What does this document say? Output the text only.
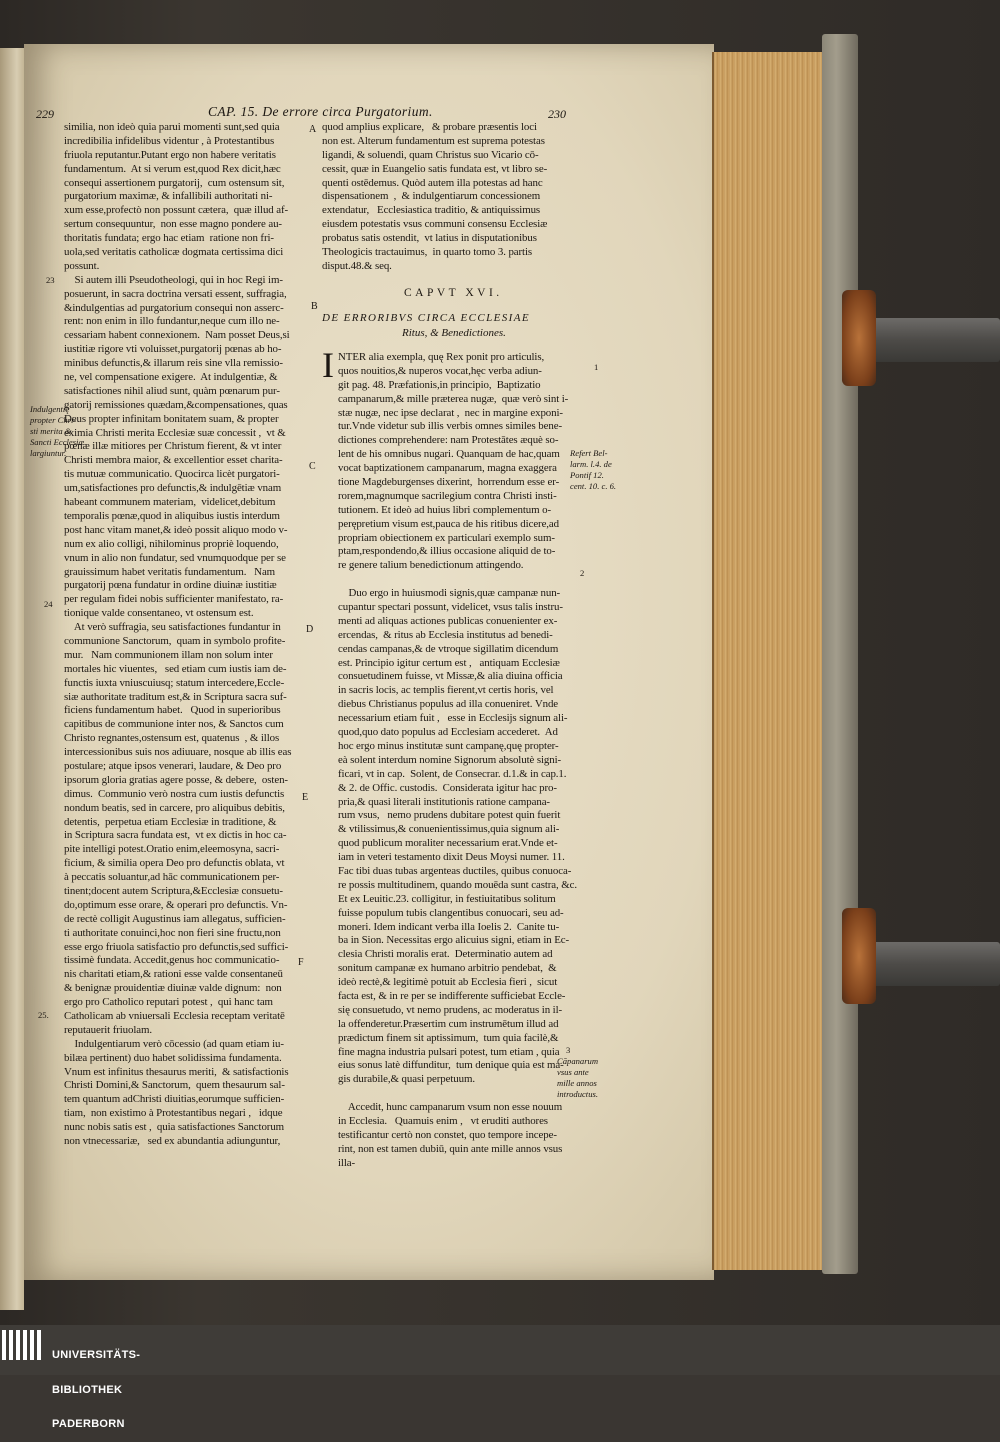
229	CAP. 15. De errore circa Purgatorium.	230
similia, non ideò quia parui momenti sunt,sed quia
incredibilia infidelibus videntur , à Protestantibus
friuola reputantur.Putant ergo non habere veritatis
fundamentum.  At si verum est,quod Rex dicit,hæc
consequi assertionem purgatorij,  cum ostensum sit,
purgatorium maximæ, & infallibili authoritati ni-
xum esse,profectò non possunt cætera,  quæ illud af-
sertum consequuntur,  non esse magno pondere au-
thoritatis fundata; ergo hac etiam  ratione non fri-
uola,sed veritatis catholicæ dogmata certissima dici
possunt.
Si autem illi Pseudotheologi, qui in hoc Regi im-
posuerunt, in sacra doctrina versati essent, suffragia,
&indulgentias ad purgatorium consequi non asserc-
rent: non enim in illo fundantur,neque cum illo ne-
cessariam habent connexionem.  Nam posset Deus,si
iustitiæ rigore vti voluisset,purgatorij pœnas ab ho-
minibus defunctis,& illarum reis sine vlla remissio-
ne, vel compensatione exigere.  At indulgentiæ, &
satisfactiones nihil aliud sunt, quàm pœnarum pur-
gatorij remissiones quædam,&compensationes, quas
Deus propter infinitam bonitatem suam, & propter
eximia Christi merita Ecclesiæ suæ concessit ,  vt &
pœnæ illæ mitiores per Christum fierent, & vt inter
Christi membra maior, & excellentior esset charita-
tis mutuæ communicatio. Quocirca licèt purgatori-
um,satisfactiones pro defunctis,& indulgētiæ vnam
habeant communem materiam,  videlicet,debitum
temporalis pœnæ,quod in aliquibus iustis interdum
post hanc vitam manet,& ideò possit aliquo modo v-
num ex alio colligi, nihilominus propriè loquendo,
vnum in alio non fundatur, sed vnumquodque per se
grauissimum habet veritatis fundamentum.   Nam
purgatorij pœna fundatur in ordine diuinæ iustitiæ
per regulam fidei nobis sufficienter manifestato, ra-
tionique valde consentaneo, vt ostensum est.
At verò suffragia, seu satisfactiones fundantur in
communione Sanctorum,  quam in symbolo profite-
mur.   Nam communionem illam non solum inter
mortales hic viuentes,   sed etiam cum iustis iam de-
functis iuxta vniuscuiusq; statum intercedere,Eccle-
siæ authoritate traditum est,& in Scriptura sacra suf-
ficiens fundamentum habet.   Quod in superioribus
capitibus de communione inter nos, & Sanctos cum
Christo regnantes,ostensum est, quatenus  , & illos
intercessionibus suis nos adiuuare, nosque ab illis eas
postulare; atque ipsos venerari, laudare, & Deo pro
ipsorum gloria gratias agere posse, & debere,  osten-
dimus.  Communio verò nostra cum iustis defunctis
nondum beatis, sed in carcere, pro aliquibus debitis,
detentis,  perpetua etiam Ecclesiæ in traditione, &
in Scriptura sacra fundata est,  vt ex dictis in hoc ca-
pite intelligi potest.Oratio enim,eleemosyna, sacri-
ficium, & similia opera Deo pro defunctis oblata, vt
à peccatis soluantur,ad hāc communicationem per-
tinent;docent autem Scriptura,&Ecclesiæ consuetu-
do,optimum esse orare, & operari pro defunctis. Vn-
de rectè colligit Augustinus iam allegatus, sufficien-
ti authoritate conuinci,hoc non fieri sine fructu,non
esse ergo friuola satisfactio pro defunctis,sed suffici-
tissimè fundata. Accedit,genus hoc communicatio-
nis charitati etiam,& rationi esse valde consentaneū
& benignæ prouidentiæ diuinæ valde dignum:  non
ergo pro Catholico reputari potest ,  qui hanc tam
Catholicam ab vniuersali Ecclesia receptam veritatē
reputauerit friuolam.
Indulgentiarum verò cōcessio (ad quam etiam iu-
bilæa pertinent) duo habet solidissima fundamenta.
Vnum est infinitus thesaurus meriti,  & satisfactionis
Christi Domini,& Sanctorum,  quem thesaurum sal-
tem quantum adChristi diuitias,eorumque sufficien-
tiam,  non existimo à Protestantibus negari ,   idque
nunc nobis satis est ,  quia satisfactiones Sanctorum
non vtnecessariæ,   sed ex abundantia adiunguntur,
quod amplius explicare,   & probare præsentis loci
non est. Alterum fundamentum est suprema potestas
ligandi, & soluendi, quam Christus suo Vicario cō-
cessit, quæ in Euangelio satis fundata est, vt libro se-
quenti ostēdemus. Quòd autem illa potestas ad hanc
dispensationem  ,  & indulgentiarum concessionem
extendatur,   Ecclesiastica traditio, & antiquissimus
eiusdem potestatis vsus communi consensu Ecclesiæ
probatus satis ostendit,  vt latius in disputationibus
Theologicis tractauimus,  in quarto tomo 3. partis
disput.48.& seq.
CAPVT XVI.
DE ERRORIBVS CIRCA ECCLESIAE
Ritus, & Benedictiones.
I NTER alia exempla, quę Rex ponit pro articulis,
quos nouitios,& nuperos vocat,hęc verba adiun-
git pag. 48. Præfationis,in principio,  Baptizatio
campanarum,& mille præterea nugæ,  quæ verò sint i-
stæ nugæ, nec ipse declarat ,  nec in margine exponi-
tur.Vnde videtur sub illis verbis omnes similes bene-
dictiones comprehendere: nam Protestātes æquè so-
lent de his omnibus nugari. Quanquam de hac,quam
vocat baptizationem campanarum, magna exaggera
tione Magdeburgenses dixerint,  horrendum esse er-
rorem,magnumque sacrilegium contra Christi insti-
tutionem. Et ideò ad huius libri complementum o-
perępretium visum est,pauca de his ritibus dicere,ad
propriam obiectionem ex particulari exemplo sum-
ptam,respondendo,& illius occasione aliquid de to-
re genere talium benedictionum attingendo.
Duo ergo in huiusmodi signis,quæ campanæ nun-
cupantur spectari possunt, videlicet, vsus talis instru-
menti ad aliquas actiones publicas conuenienter ex-
ercendas,  & ritus ab Ecclesia institutus ad benedi-
cendas campanas,& de vtroque sigillatim dicendum
est. Principio igitur certum est ,   antiquam Ecclesiæ
consuetudinem fuisse, vt Missæ,& alia diuina officia
in sacris locis, ac templis fierent,vt certis horis, vel
diebus Christianus populus ad illa conueniret. Vnde
necessarium etiam fuit ,   esse in Ecclesijs signum ali-
quod,quo dato populus ad Ecclesiam accederet.  Ad
hoc ergo minus institutæ sunt campanę,quę propter-
eà solent interdum nomine Signorum absolutè signi-
ficari, vt in cap.  Solent, de Consecrar. d.1.& in cap.1.
& 2. de Offic. custodis.  Considerata igitur hac pro-
pria,& quasi literali institutionis ratione campana-
rum vsus,   nemo prudens dubitare potest quin fuerit
& vtilissimus,& conuenientissimus,quia signum ali-
quod publicum moraliter necessarium erat.Vnde et-
iam in veteri testamento dixit Deus Moysi numer. 11.
Fac tibi duas tubas argenteas ductiles, quibus conuoca-
re possis multitudinem, quando mouēda sunt castra, &c.
Et ex Leuitic.23. colligitur, in festiuitatibus solitum
fuisse populum tubis clangentibus conuocari, seu ad-
moneri. Idem indicant verba illa Ioelis 2.  Canite tu-
ba in Sion. Necessitas ergo alicuius signi, etiam in Ec-
clesia Christi moralis erat.  Determinatio autem ad
sonitum campanæ ex humano arbitrio pendebat,  &
ideò rectè,& legitimè potuit ab Ecclesia fieri ,  sicut
facta est, & in re per se indifferente sufficiebat Eccle-
się consuetudo, vt nemo prudens, ac moderatus in il-
la offenderetur.Præsertim cum instrumētum illud ad
prædictum finem sit aptissimum,  tum quia facilè,&
fine magna industria pulsari potest, tum etiam , quia
eius sonus latè diffunditur,  tum denique quia est ma-
gis durabile,& quasi perpetuum.
Accedit, hunc campanarum vsum non esse nouum
in Ecclesia.   Quamuis enim ,   vt eruditi authores
testificantur certò non constet, quo tempore incepe-
rint, non est tamen dubiū, quin ante mille annos vsus
illa-
23
Indulgentię
propter Chri-
sti merita &
Sancti Ecclesiæ
largiuntur.
24
25.
1
Refert Bel-
larm. l.4. de
Pontif 12.
cent. 10. c. 6.
2
3
Cāpanarum
vsus ante
mille annos
introductus.
A
B
C
D
E
F

UNIVERSITÄTS-

BIBLIOTHEK

PADERBORN
